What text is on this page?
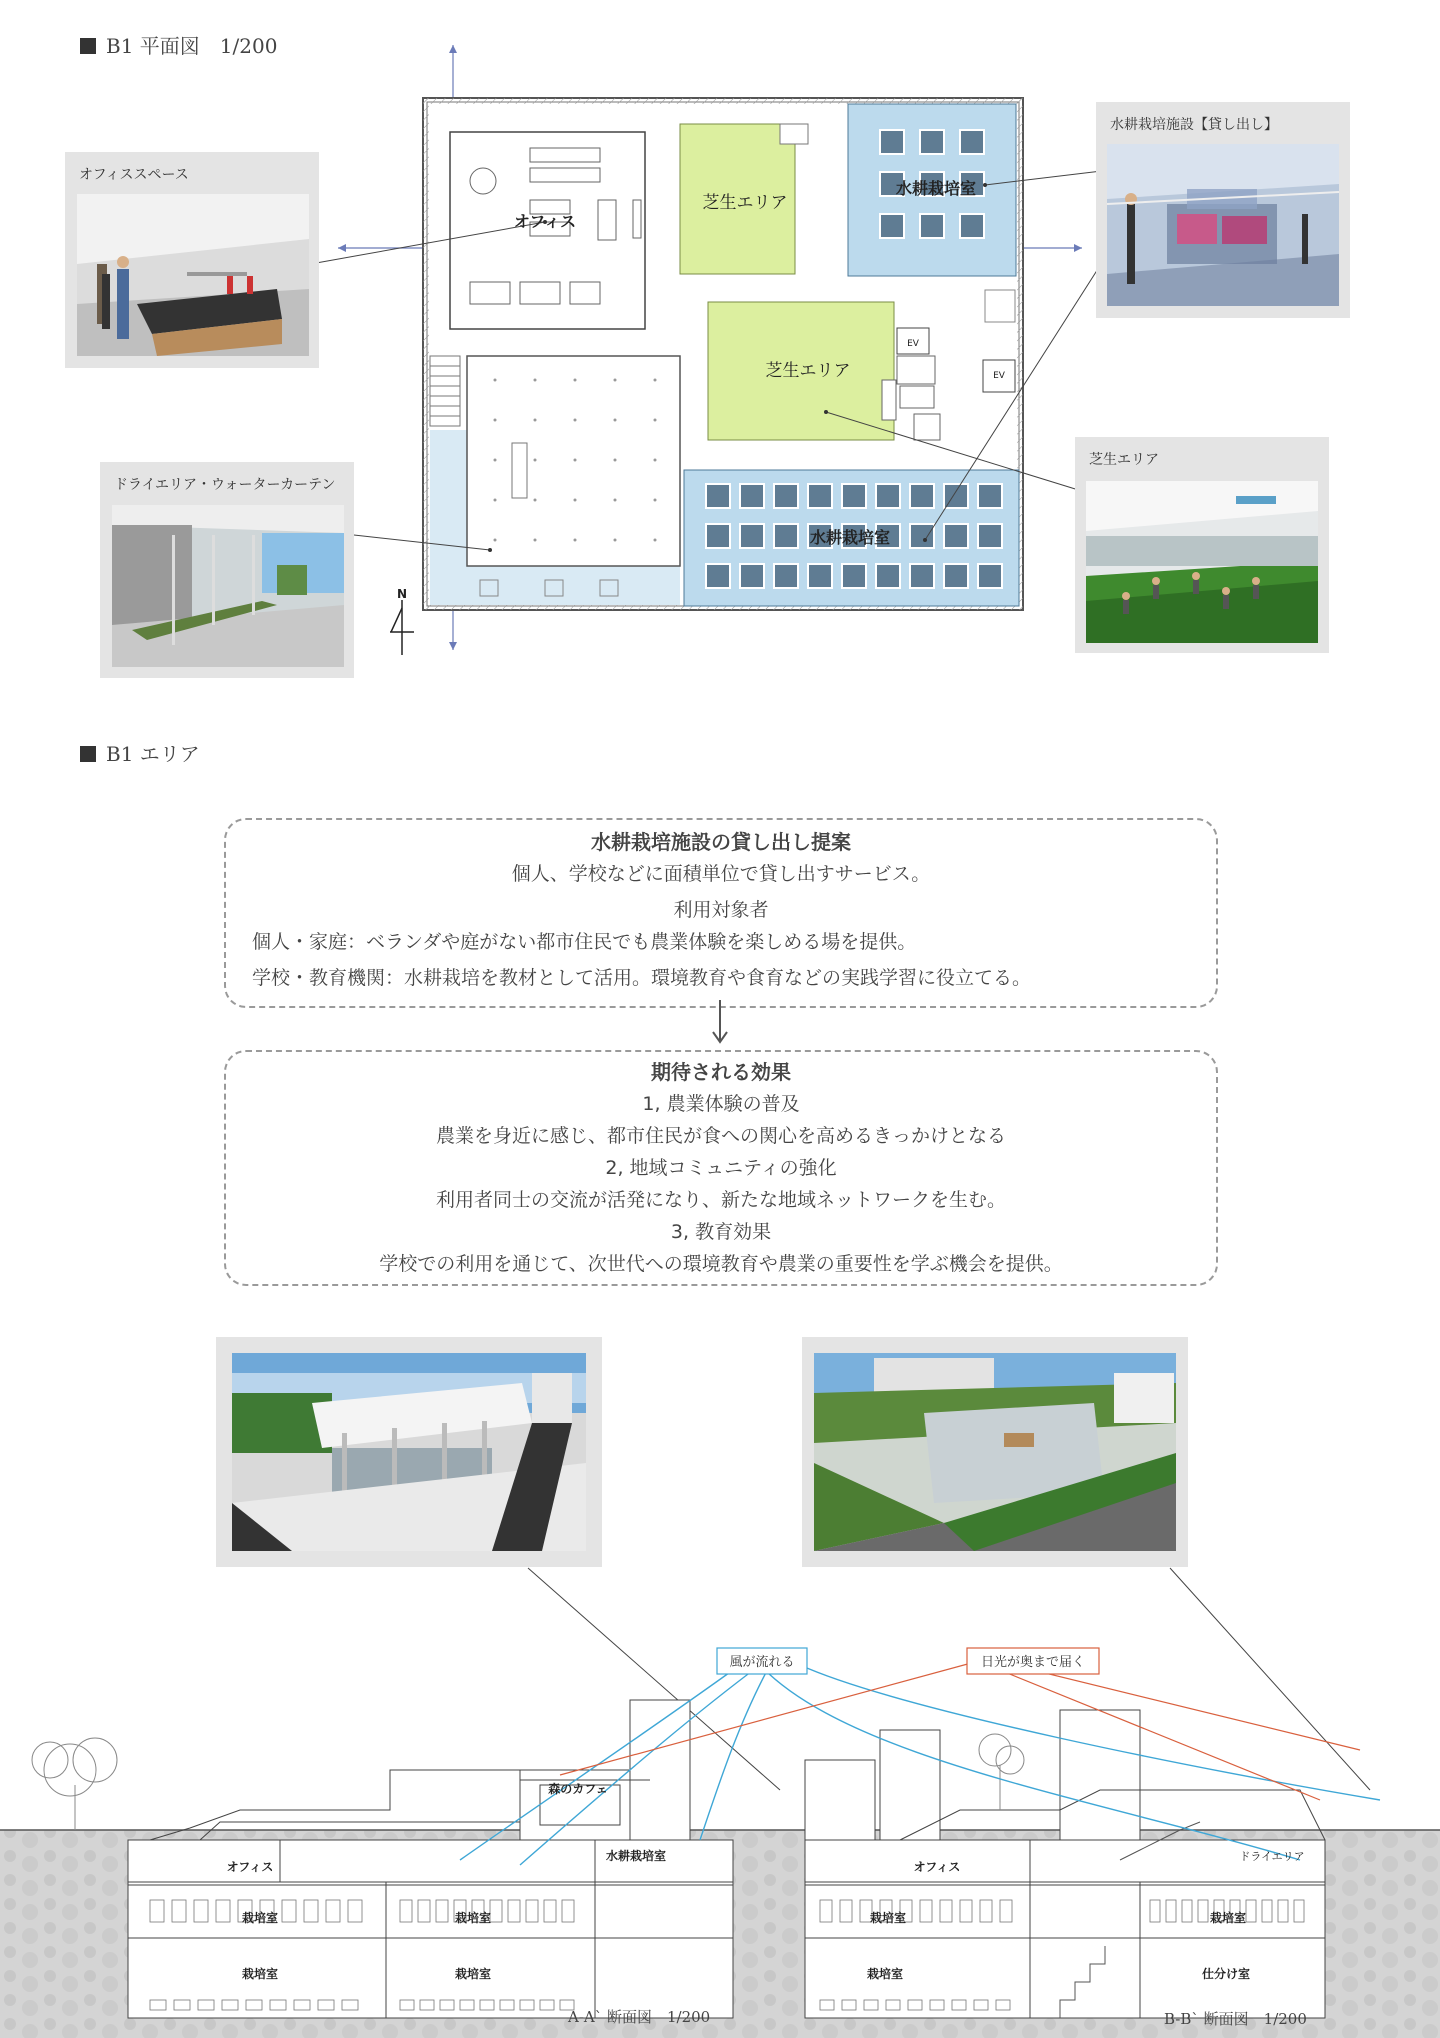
B1 平面図　1/200
オフィス
芝生エリア
水耕栽培室
芝生エリア
水耕栽培室
EV
EV
N
オフィススペース
ドライエリア・ウォーターカーテン
水耕栽培施設【貸し出し】
芝生エリア
B1 エリア
水耕栽培施設の貸し出し提案
個人、学校などに面積単位で貸し出すサービス。
利用対象者
個人・家庭：ベランダや庭がない都市住民でも農業体験を楽しめる場を提供。
学校・教育機関：水耕栽培を教材として活用。環境教育や食育などの実践学習に役立てる。
期待される効果
1, 農業体験の普及
農業を身近に感じ、都市住民が食への関心を高めるきっかけとなる
2, 地域コミュニティの強化
利用者同士の交流が活発になり、新たな地域ネットワークを生む。
3, 教育効果
学校での利用を通じて、次世代への環境教育や農業の重要性を学ぶ機会を提供。
風が流れる	日光が奥まで届く
森のカフェ
オフィス
水耕栽培室
栽培室	栽培室
栽培室	栽培室
オフィス
ドライエリア
栽培室	栽培室
栽培室	仕分け室
A-A` 断面図　1/200	B-B` 断面図　1/200
